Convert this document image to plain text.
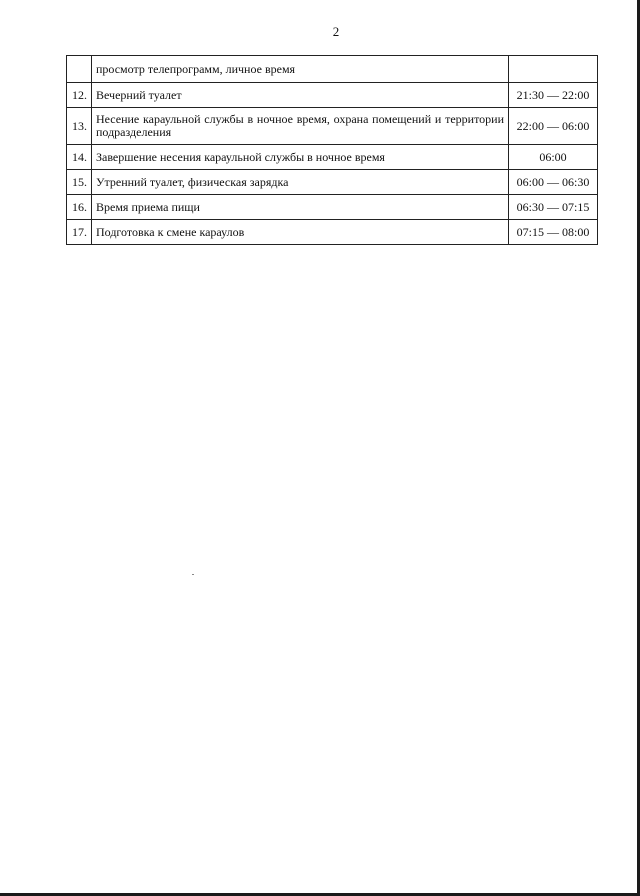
2
	просмотр телепрограмм, личное время	
12.	Вечерний туалет	21:30 — 22:00
13.	Несение караульной службы в ночное время, охрана помещений и территории подразделения	22:00 — 06:00
14.	Завершение несения караульной службы в ночное время	06:00
15.	Утренний туалет, физическая зарядка	06:00 — 06:30
16.	Время приема пищи	06:30 — 07:15
17.	Подготовка к смене караулов	07:15 — 08:00
